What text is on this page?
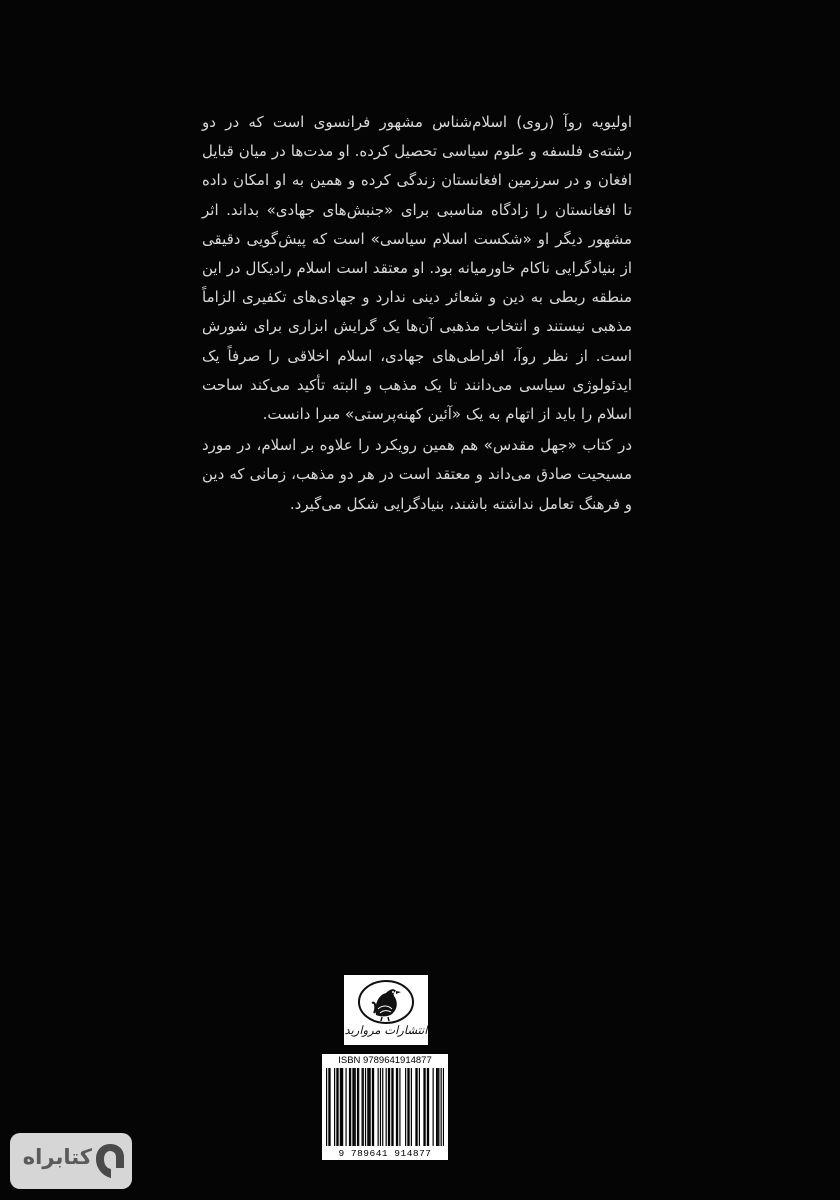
اولیویه روآ (روی) اسلام‌شناس مشهور فرانسوی است که در دو رشته‌ی فلسفه و علوم سیاسی تحصیل کرده. او مدت‌ها در میان قبایل افغان و در سرزمین افغانستان زندگی کرده و همین به او امکان داده تا افغانستان را زادگاه مناسبی برای «جنبش‌های جهادی» بداند. اثر مشهور دیگر او «شکست اسلام سیاسی» است که پیش‌گویی دقیقی از بنیادگرایی ناکام خاورمیانه بود. او معتقد است اسلام رادیکال در این منطقه ربطی به دین و شعائر دینی ندارد و جهادی‌های تکفیری الزاماً مذهبی نیستند و انتخاب مذهبی آن‌ها یک گرایش ابزاری برای شورش است. از نظر روآ، افراطی‌های جهادی، اسلام اخلاقی را صرفاً یک ایدئولوژی سیاسی می‌دانند تا یک مذهب و البته تأکید می‌کند ساحت اسلام را باید از اتهام به یک «آئین کهنه‌پرستی» مبرا دانست.

در کتاب «جهل مقدس» هم همین رویکرد را علاوه بر اسلام، در مورد مسیحیت صادق می‌داند و معتقد است در هر دو مذهب، زمانی که دین و فرهنگ تعامل نداشته باشند، بنیادگرایی شکل می‌گیرد.

انتشارات مروارید
ISBN 9789641914877
9 789641 914877
کتابراه
